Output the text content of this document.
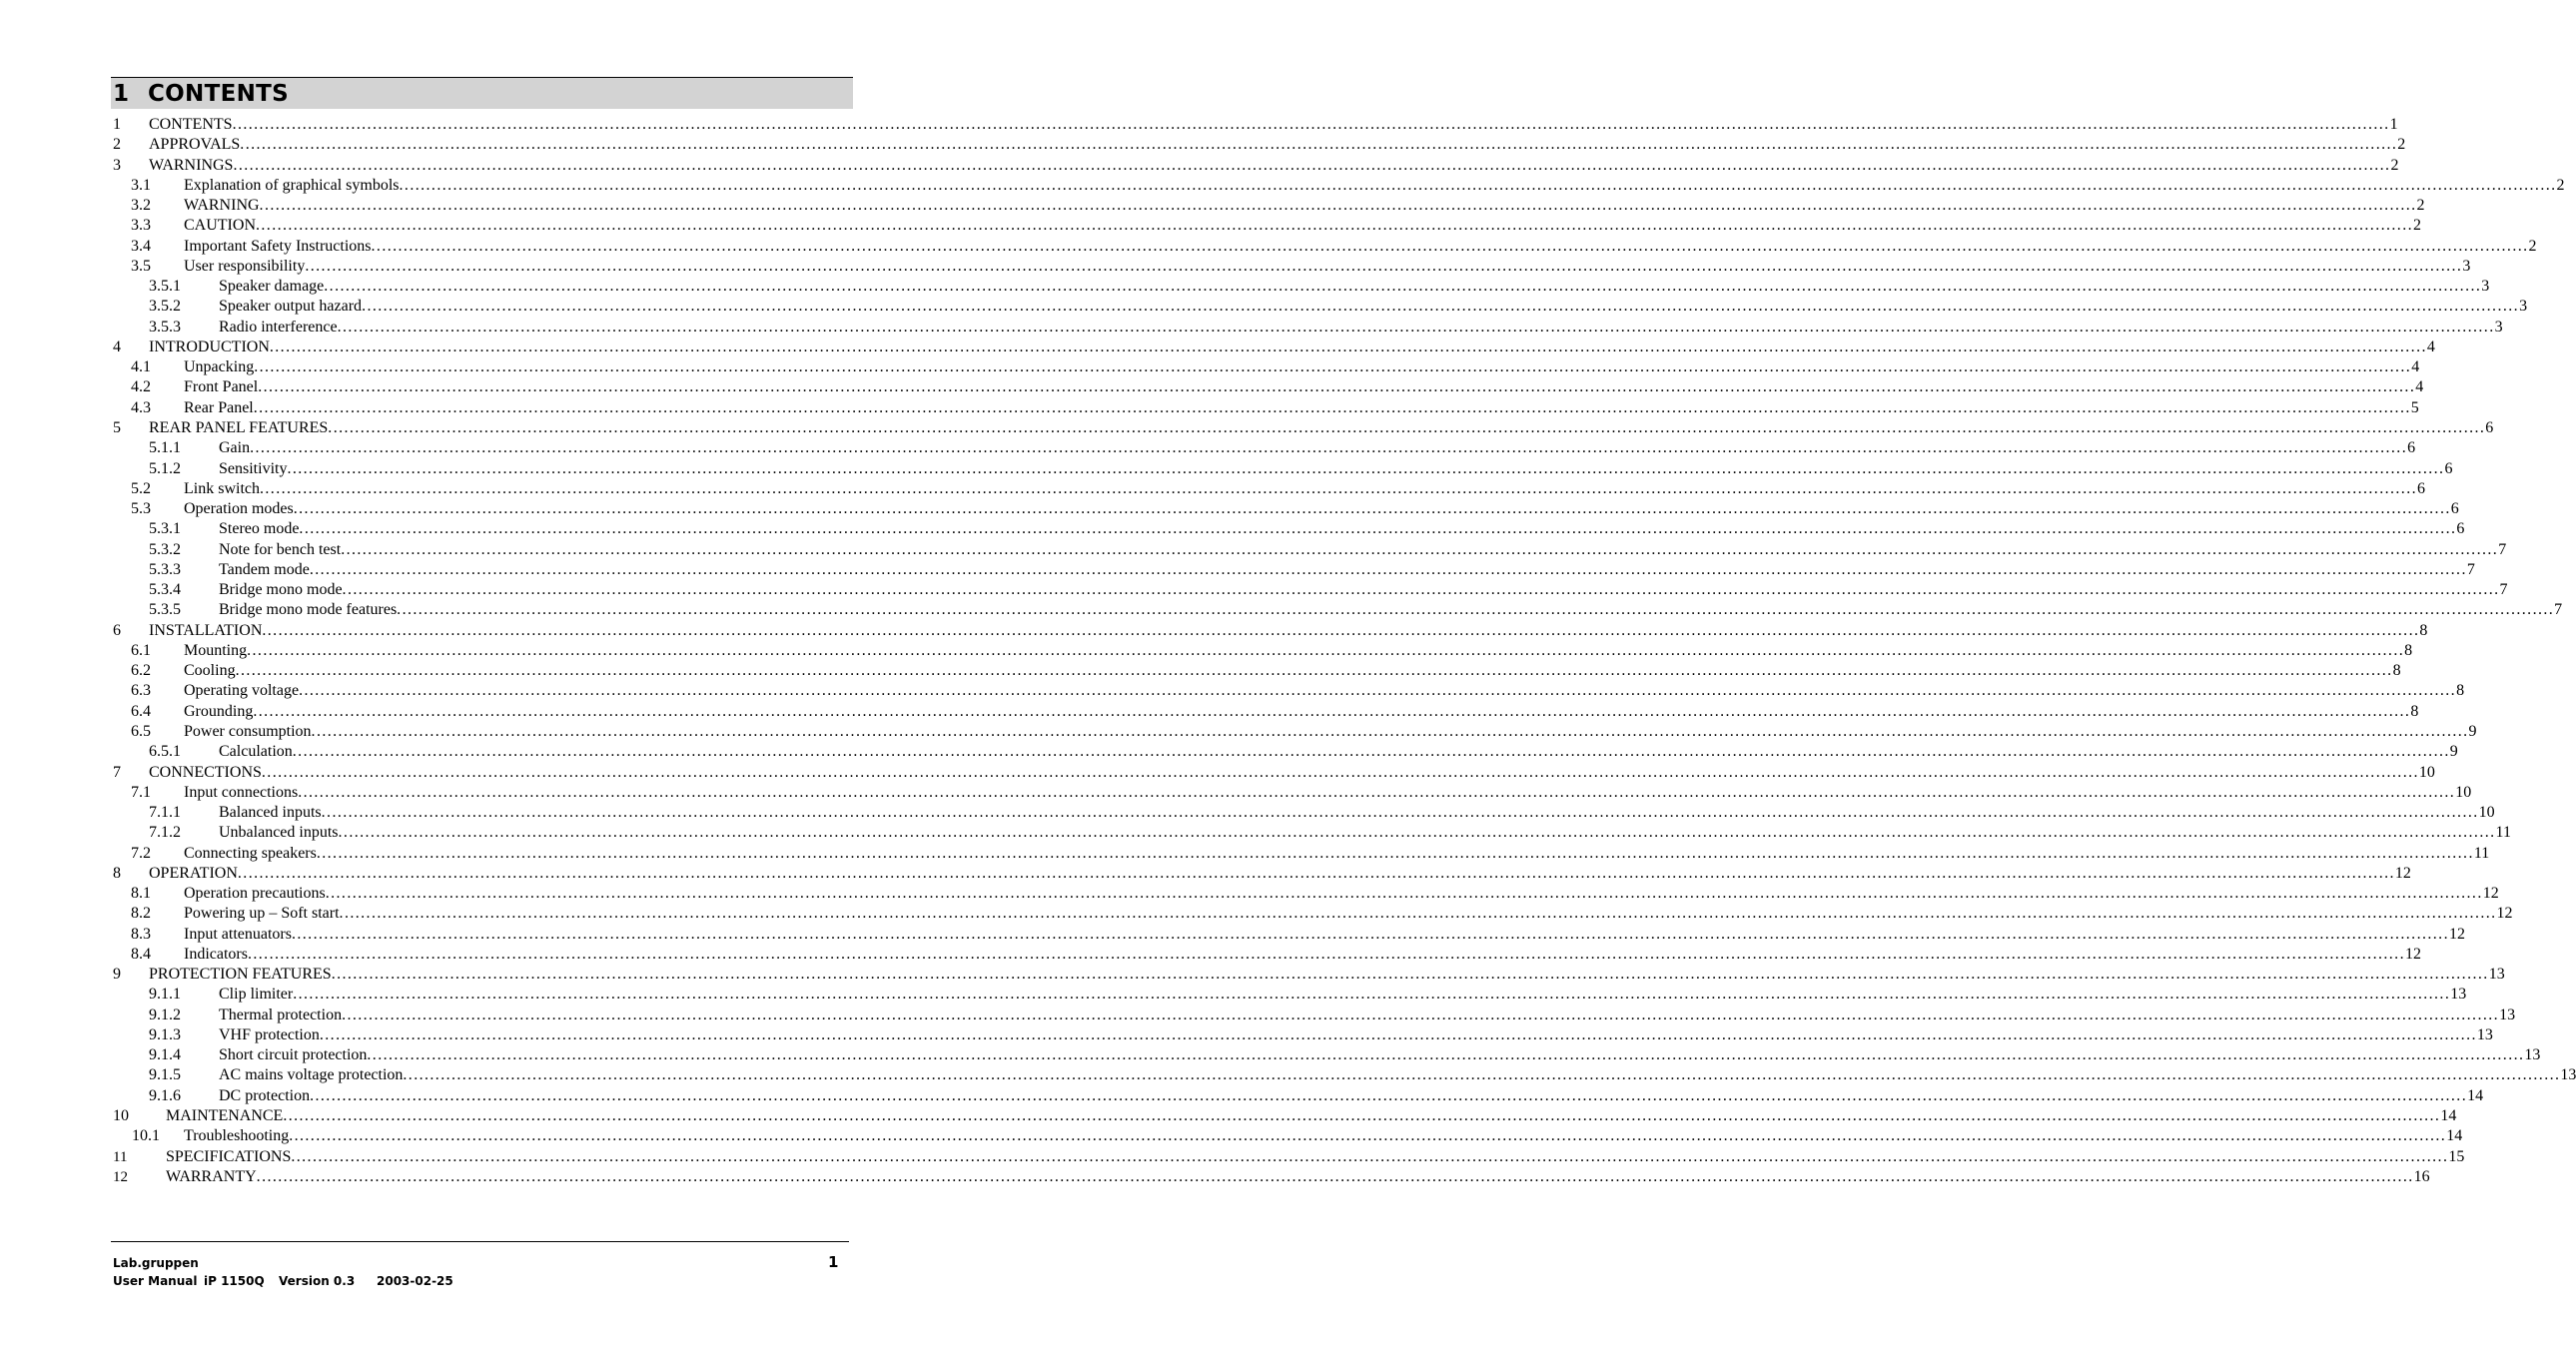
1 CONTENTS
1 CONTENTS ................................................................................................................................................................................................................................................................................................................................................................................................................ 1
2 APPROVALS ................................................................................................................................................................................................................................................................................................................................................................................................................ 2
3 WARNINGS ................................................................................................................................................................................................................................................................................................................................................................................................................ 2
3.1 Explanation of graphical symbols ................................................................................................................................................................................................................................................................................................................................................................................................................ 2
3.2 WARNING ................................................................................................................................................................................................................................................................................................................................................................................................................ 2
3.3 CAUTION ................................................................................................................................................................................................................................................................................................................................................................................................................ 2
3.4 Important Safety Instructions ................................................................................................................................................................................................................................................................................................................................................................................................................ 2
3.5 User responsibility ................................................................................................................................................................................................................................................................................................................................................................................................................ 3
3.5.1 Speaker damage ................................................................................................................................................................................................................................................................................................................................................................................................................ 3
3.5.2 Speaker output hazard ................................................................................................................................................................................................................................................................................................................................................................................................................ 3
3.5.3 Radio interference ................................................................................................................................................................................................................................................................................................................................................................................................................ 3
4 INTRODUCTION ................................................................................................................................................................................................................................................................................................................................................................................................................ 4
4.1 Unpacking ................................................................................................................................................................................................................................................................................................................................................................................................................ 4
4.2 Front Panel ................................................................................................................................................................................................................................................................................................................................................................................................................ 4
4.3 Rear Panel ................................................................................................................................................................................................................................................................................................................................................................................................................ 5
5 REAR PANEL FEATURES ................................................................................................................................................................................................................................................................................................................................................................................................................ 6
5.1.1 Gain ................................................................................................................................................................................................................................................................................................................................................................................................................ 6
5.1.2 Sensitivity ................................................................................................................................................................................................................................................................................................................................................................................................................ 6
5.2 Link switch ................................................................................................................................................................................................................................................................................................................................................................................................................ 6
5.3 Operation modes ................................................................................................................................................................................................................................................................................................................................................................................................................ 6
5.3.1 Stereo mode ................................................................................................................................................................................................................................................................................................................................................................................................................ 6
5.3.2 Note for bench test ................................................................................................................................................................................................................................................................................................................................................................................................................ 7
5.3.3 Tandem mode ................................................................................................................................................................................................................................................................................................................................................................................................................ 7
5.3.4 Bridge mono mode ................................................................................................................................................................................................................................................................................................................................................................................................................ 7
5.3.5 Bridge mono mode features ................................................................................................................................................................................................................................................................................................................................................................................................................ 7
6 INSTALLATION ................................................................................................................................................................................................................................................................................................................................................................................................................ 8
6.1 Mounting ................................................................................................................................................................................................................................................................................................................................................................................................................ 8
6.2 Cooling ................................................................................................................................................................................................................................................................................................................................................................................................................ 8
6.3 Operating voltage ................................................................................................................................................................................................................................................................................................................................................................................................................ 8
6.4 Grounding ................................................................................................................................................................................................................................................................................................................................................................................................................ 8
6.5 Power consumption ................................................................................................................................................................................................................................................................................................................................................................................................................ 9
6.5.1 Calculation ................................................................................................................................................................................................................................................................................................................................................................................................................ 9
7 CONNECTIONS ................................................................................................................................................................................................................................................................................................................................................................................................................ 10
7.1 Input connections ................................................................................................................................................................................................................................................................................................................................................................................................................ 10
7.1.1 Balanced inputs ................................................................................................................................................................................................................................................................................................................................................................................................................ 10
7.1.2 Unbalanced inputs ................................................................................................................................................................................................................................................................................................................................................................................................................ 11
7.2 Connecting speakers ................................................................................................................................................................................................................................................................................................................................................................................................................ 11
8 OPERATION ................................................................................................................................................................................................................................................................................................................................................................................................................ 12
8.1 Operation precautions ................................................................................................................................................................................................................................................................................................................................................................................................................ 12
8.2 Powering up – Soft start ................................................................................................................................................................................................................................................................................................................................................................................................................ 12
8.3 Input attenuators ................................................................................................................................................................................................................................................................................................................................................................................................................ 12
8.4 Indicators ................................................................................................................................................................................................................................................................................................................................................................................................................ 12
9 PROTECTION FEATURES ................................................................................................................................................................................................................................................................................................................................................................................................................ 13
9.1.1 Clip limiter ................................................................................................................................................................................................................................................................................................................................................................................................................ 13
9.1.2 Thermal protection ................................................................................................................................................................................................................................................................................................................................................................................................................ 13
9.1.3 VHF protection ................................................................................................................................................................................................................................................................................................................................................................................................................ 13
9.1.4 Short circuit protection ................................................................................................................................................................................................................................................................................................................................................................................................................ 13
9.1.5 AC mains voltage protection ................................................................................................................................................................................................................................................................................................................................................................................................................ 13
9.1.6 DC protection ................................................................................................................................................................................................................................................................................................................................................................................................................ 14
10 MAINTENANCE ................................................................................................................................................................................................................................................................................................................................................................................................................ 14
10.1 Troubleshooting ................................................................................................................................................................................................................................................................................................................................................................................................................ 14
11 SPECIFICATIONS ................................................................................................................................................................................................................................................................................................................................................................................................................ 15
12 WARRANTY ................................................................................................................................................................................................................................................................................................................................................................................................................ 16
Lab.gruppen
User Manual iP 1150Q Version 0.3 2003-02-25
1
